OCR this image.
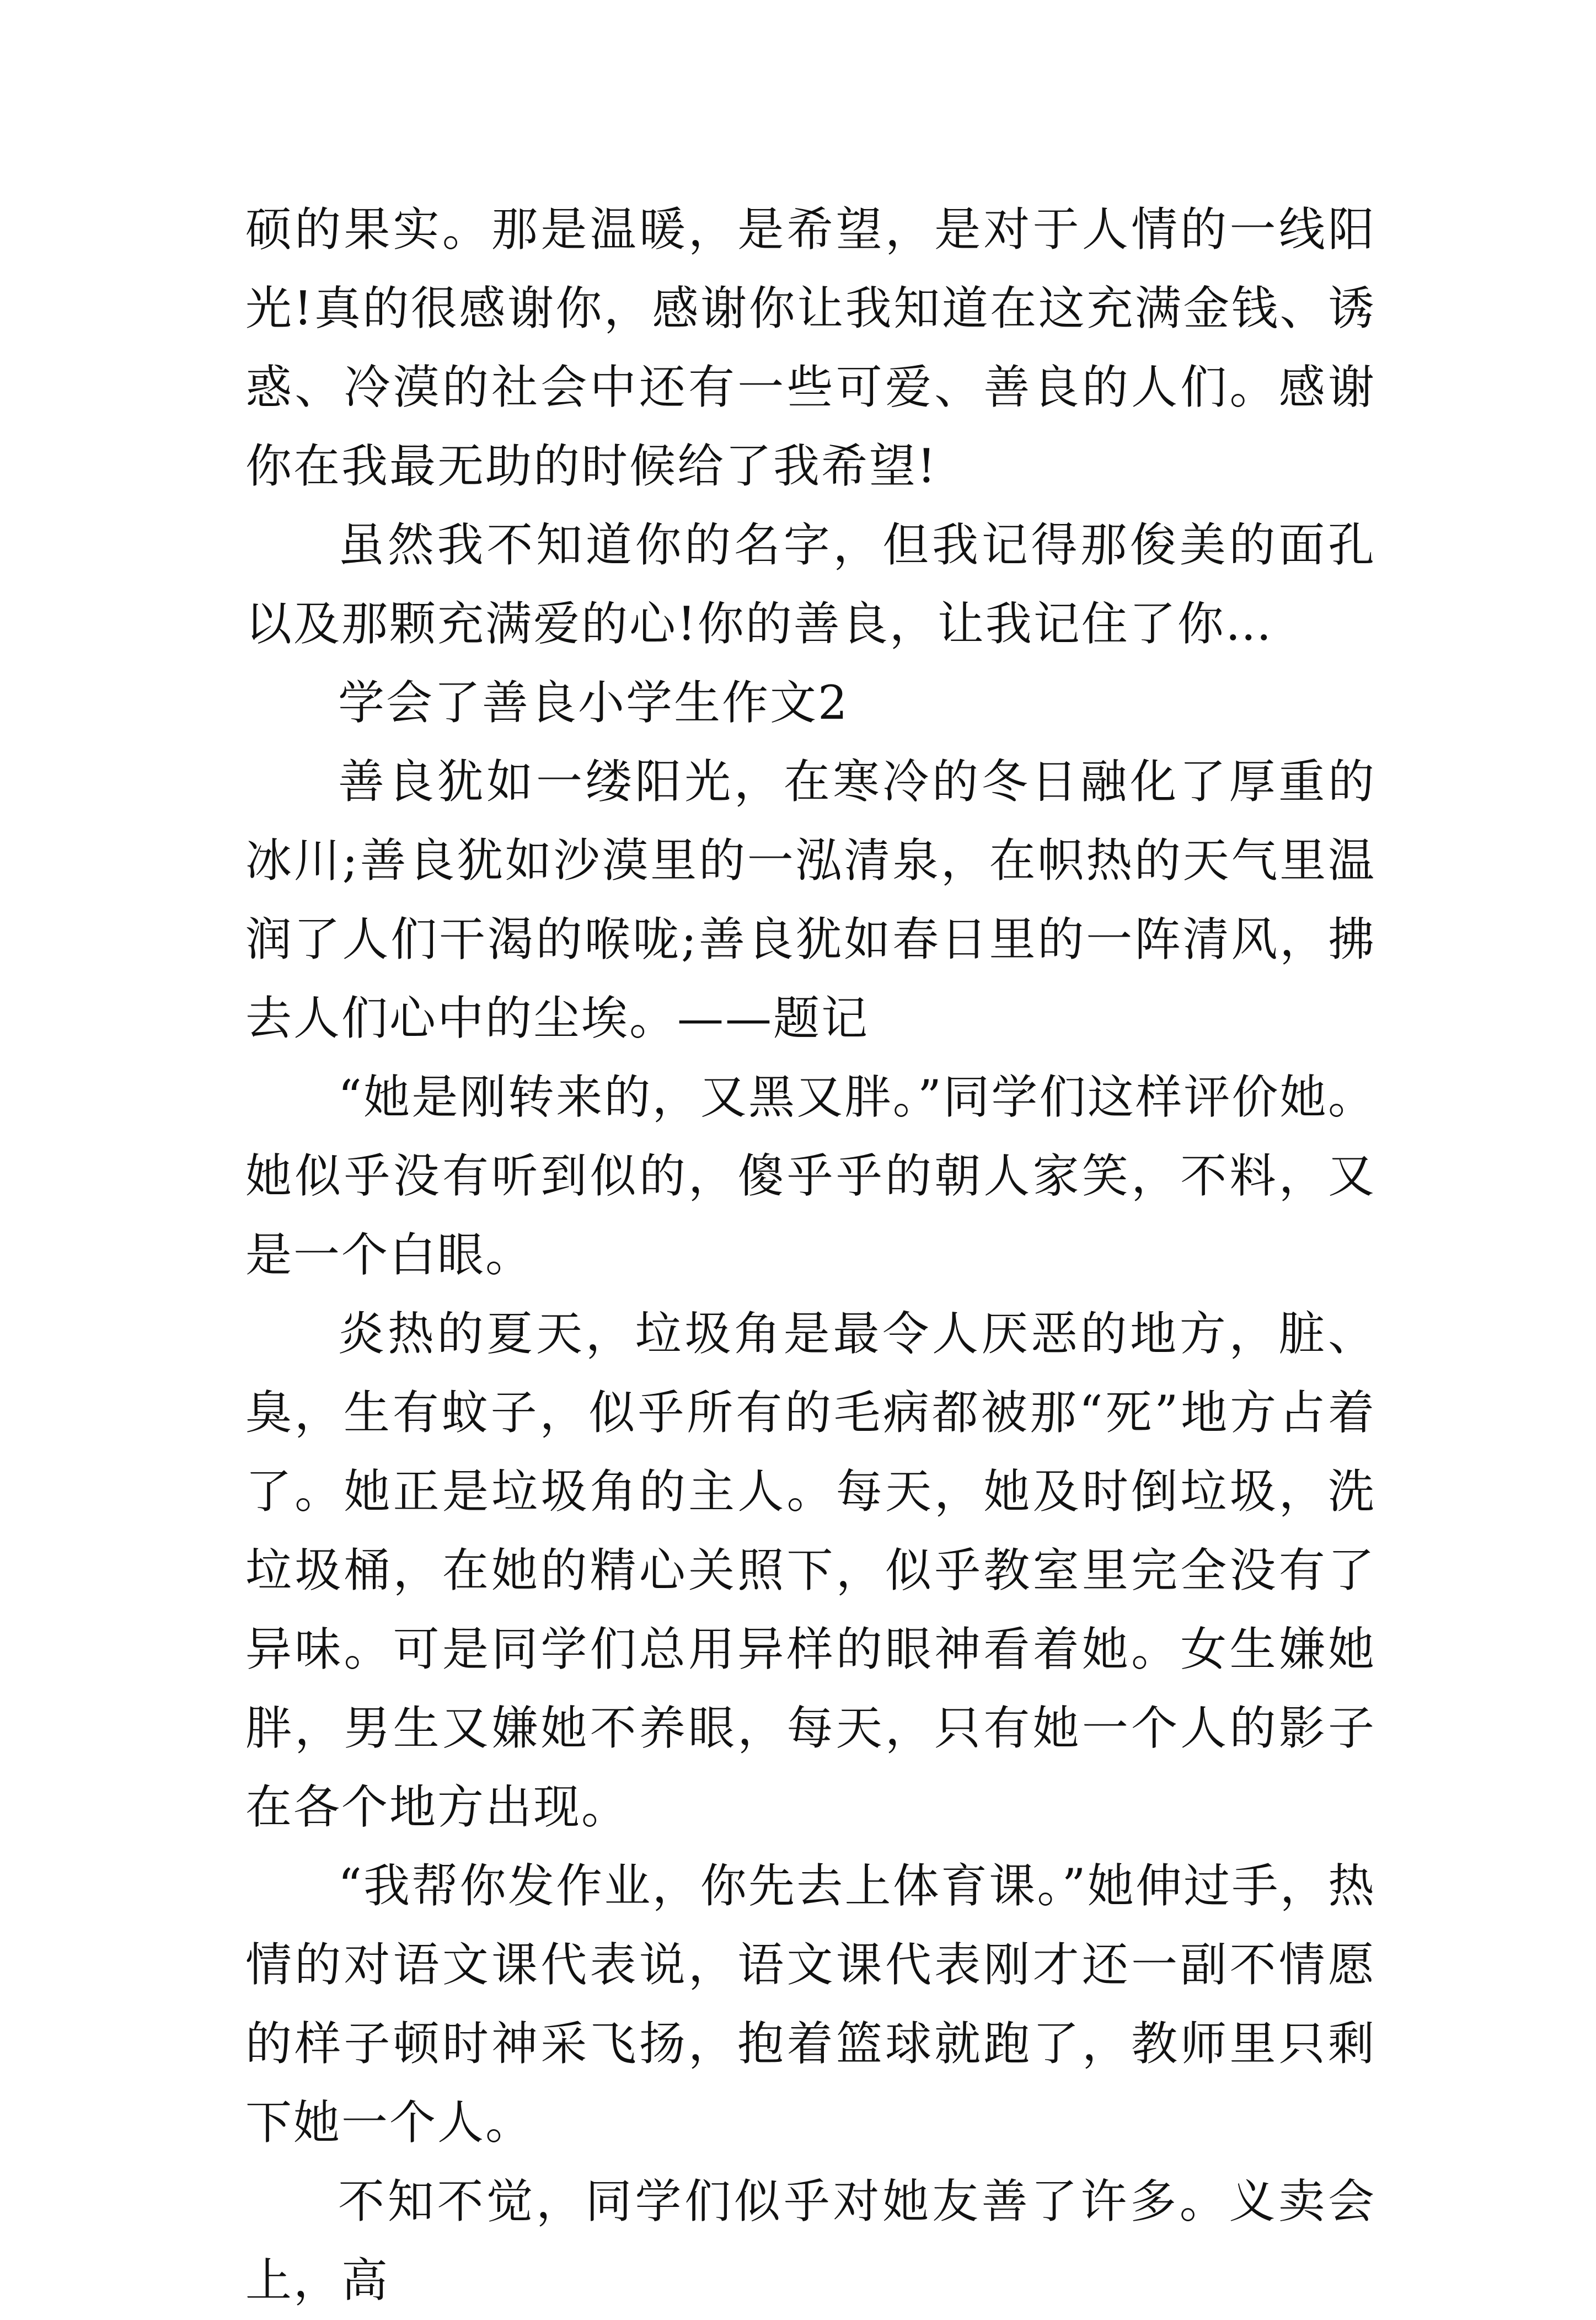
硕的果实。那是温暖，是希望，是对于人情的一线阳光!真的很感谢你，感谢你让我知道在这充满金钱、诱惑、冷漠的社会中还有一些可爱、善良的人们。感谢你在我最无助的时候给了我希望!

虽然我不知道你的名字，但我记得那俊美的面孔以及那颗充满爱的心!你的善良，让我记住了你…

学会了善良小学生作文2

善良犹如一缕阳光，在寒冷的冬日融化了厚重的冰川;善良犹如沙漠里的一泓清泉，在帜热的天气里温润了人们干渴的喉咙;善良犹如春日里的一阵清风，拂去人们心中的尘埃。——题记

“她是刚转来的，又黑又胖。”同学们这样评价她。她似乎没有听到似的，傻乎乎的朝人家笑，不料，又是一个白眼。

炎热的夏天，垃圾角是最令人厌恶的地方，脏、臭，生有蚊子，似乎所有的毛病都被那“死”地方占着了。她正是垃圾角的主人。每天，她及时倒垃圾，洗垃圾桶，在她的精心关照下，似乎教室里完全没有了异味。可是同学们总用异样的眼神看着她。女生嫌她胖，男生又嫌她不养眼，每天，只有她一个人的影子在各个地方出现。

“我帮你发作业，你先去上体育课。”她伸过手，热情的对语文课代表说，语文课代表刚才还一副不情愿的样子顿时神采飞扬，抱着篮球就跑了，教师里只剩下她一个人。

不知不觉，同学们似乎对她友善了许多。义卖会上，高
